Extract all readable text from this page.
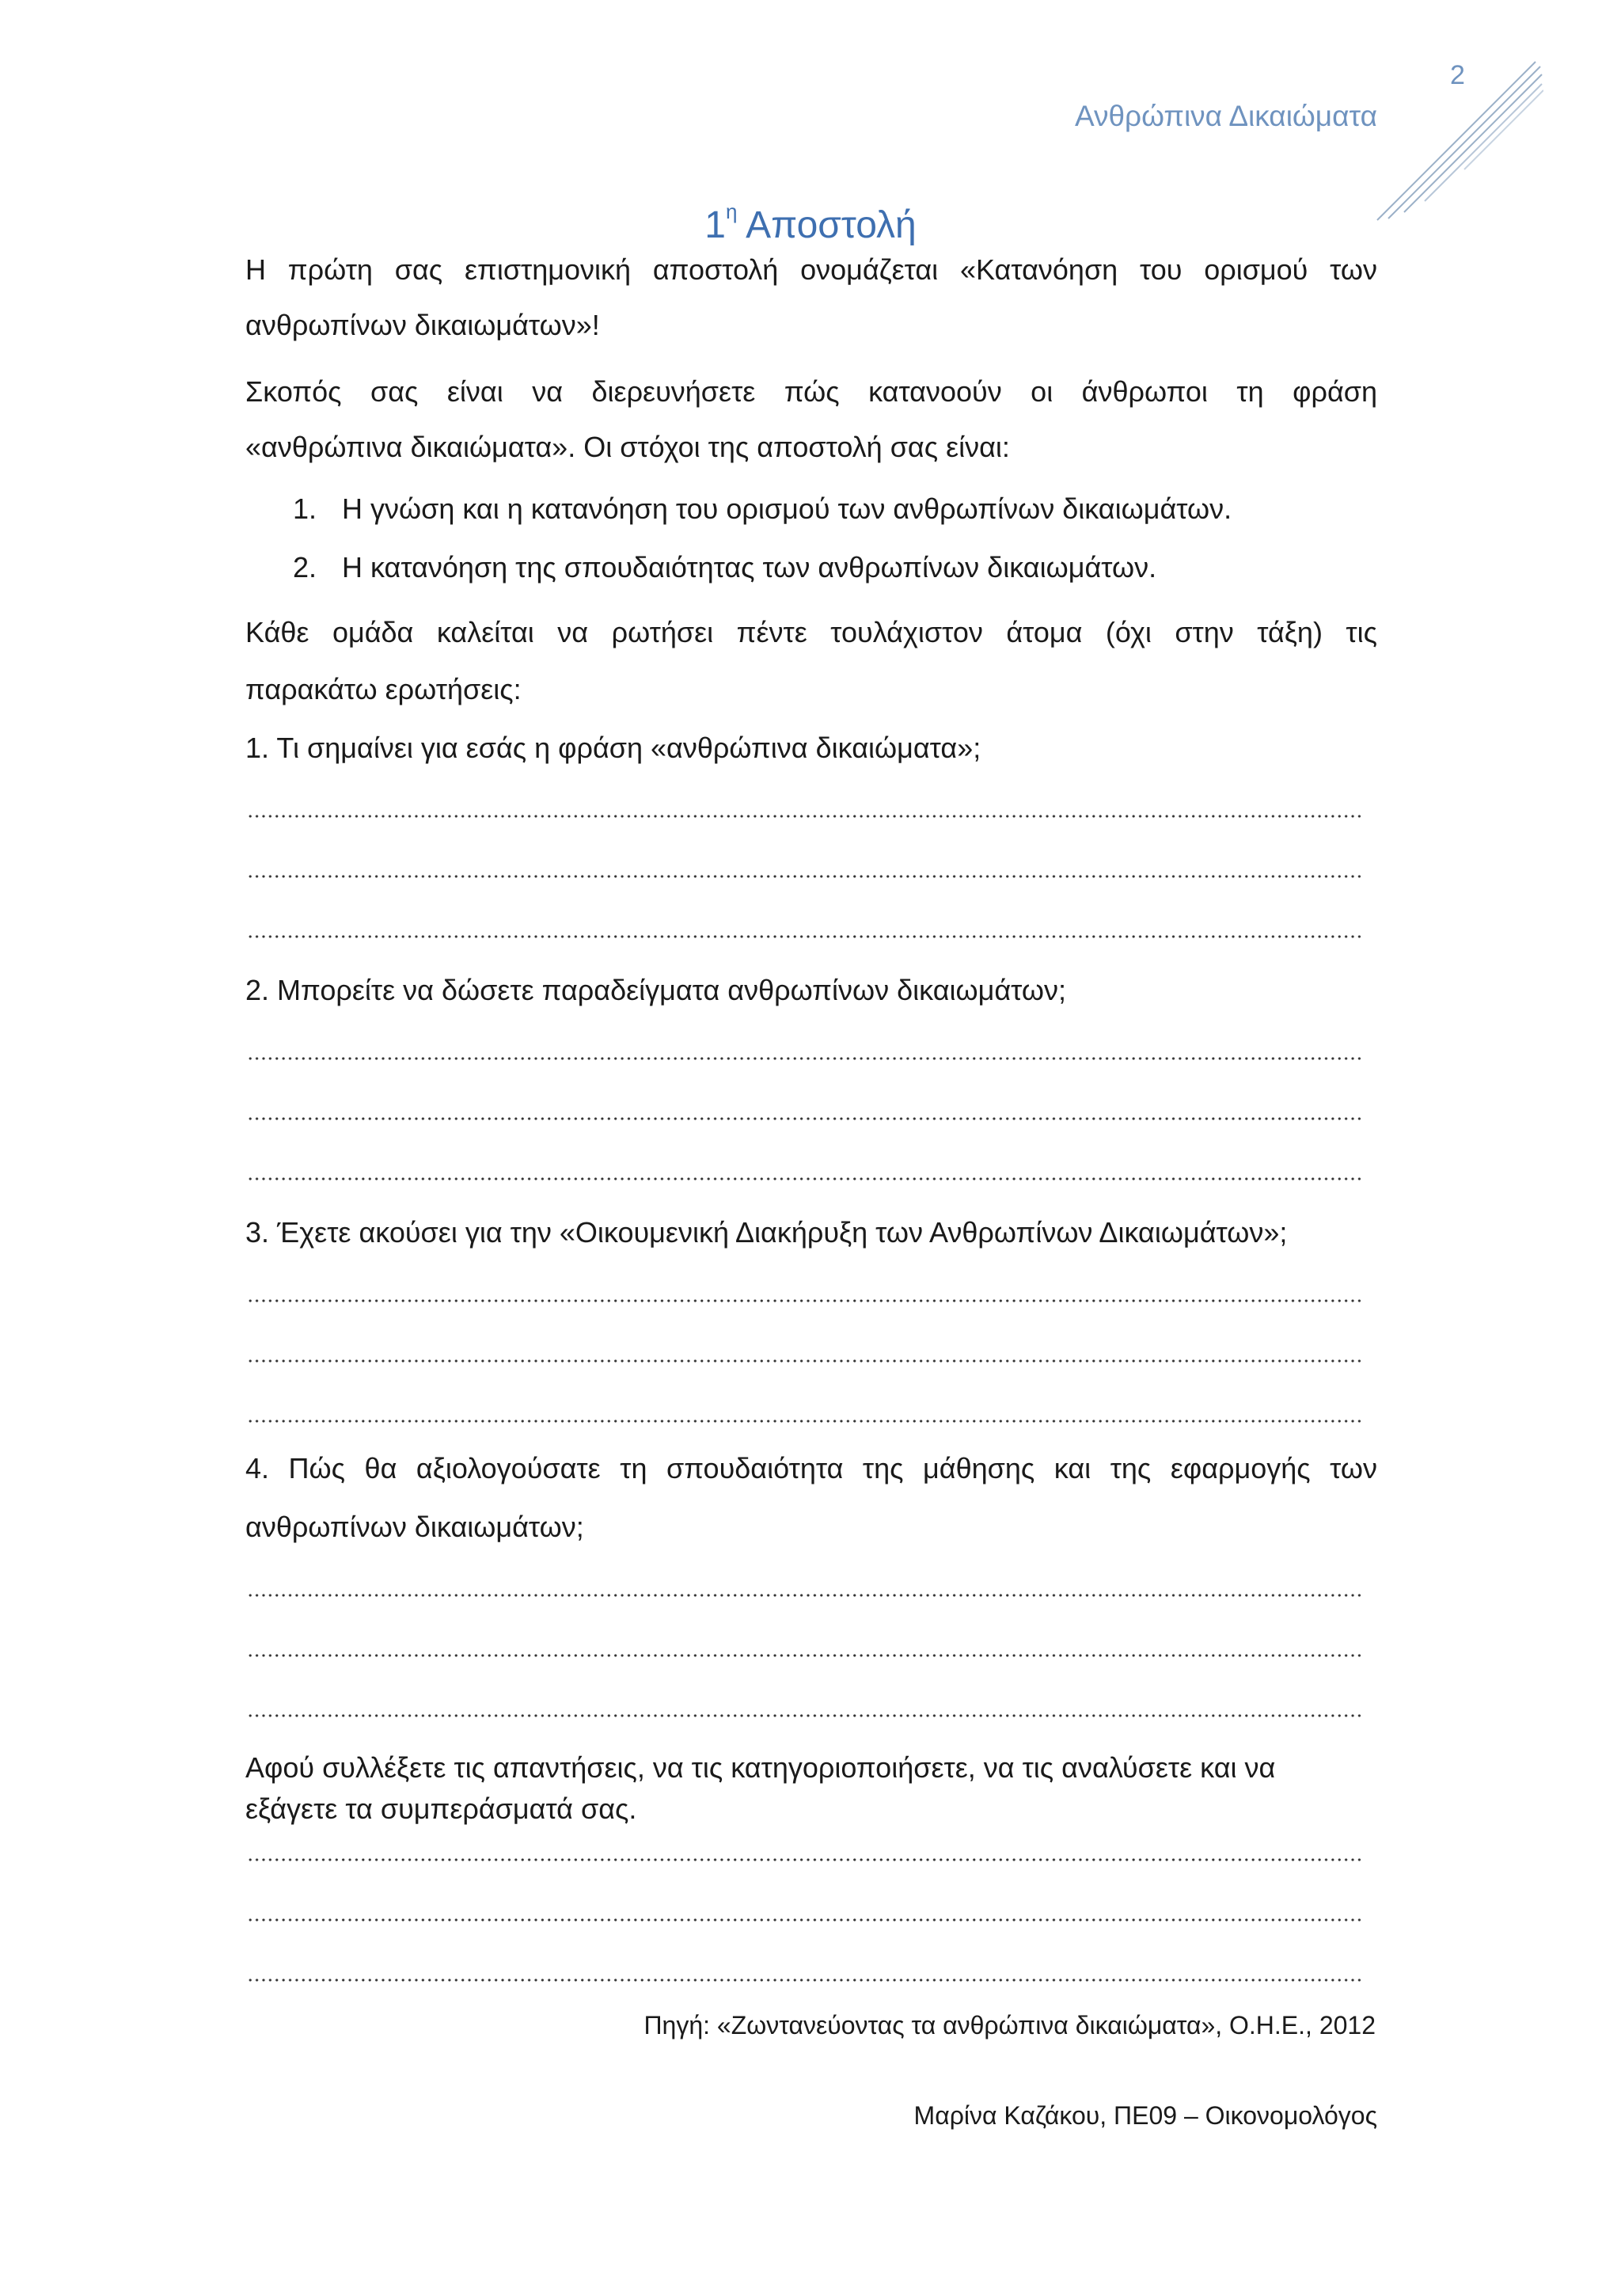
2
Ανθρώπινα Δικαιώματα
$1^\eta$ Αποστολή
Η πρώτη σας επιστημονική αποστολή ονομάζεται «Κατανόηση του ορισμού των
ανθρωπίνων δικαιωμάτων»!
Σκοπός σας είναι να διερευνήσετε πώς κατανοούν οι άνθρωποι τη φράση
«ανθρώπινα δικαιώματα». Οι στόχοι της αποστολή σας είναι:
1. Η γνώση και η κατανόηση του ορισμού των ανθρωπίνων δικαιωμάτων.
2. Η κατανόηση της σπουδαιότητας των ανθρωπίνων δικαιωμάτων.
Κάθε ομάδα καλείται να ρωτήσει πέντε τουλάχιστον άτομα (όχι στην τάξη) τις
παρακάτω ερωτήσεις:
1. Τι σημαίνει για εσάς η φράση «ανθρώπινα δικαιώματα»;
2. Μπορείτε να δώσετε παραδείγματα ανθρωπίνων δικαιωμάτων;
3. Έχετε ακούσει για την «Οικουμενική Διακήρυξη των Ανθρωπίνων Δικαιωμάτων»;
4. Πώς θα αξιολογούσατε τη σπουδαιότητα της μάθησης και της εφαρμογής των
ανθρωπίνων δικαιωμάτων;
Αφού συλλέξετε τις απαντήσεις, να τις κατηγοριοποιήσετε, να τις αναλύσετε και να
εξάγετε τα συμπεράσματά σας.
Πηγή: «Ζωντανεύοντας τα ανθρώπινα δικαιώματα», Ο.Η.Ε., 2012
Μαρίνα Καζάκου, ΠΕ09 – Οικονομολόγος
